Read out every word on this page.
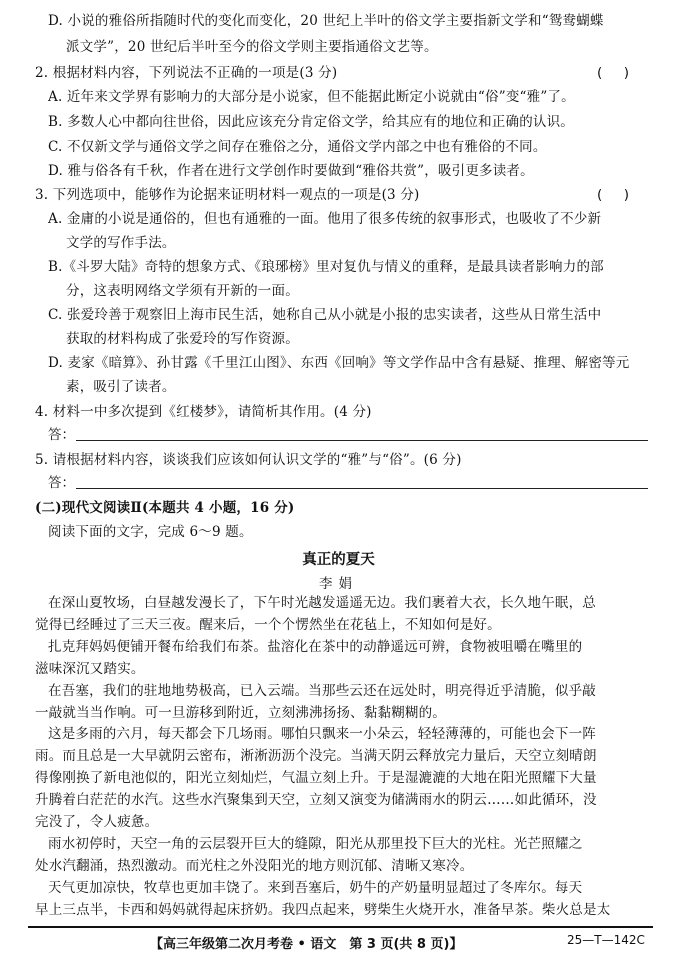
D. 小说的雅俗所指随时代的变化而变化，20 世纪上半叶的俗文学主要指新文学和“鸳鸯蝴蝶
派文学”，20 世纪后半叶至今的俗文学则主要指通俗文艺等。
2. 根据材料内容，下列说法不正确的一项是(3 分)	(     )
A. 近年来文学界有影响力的大部分是小说家，但不能据此断定小说就由“俗”变“雅”了。
B. 多数人心中都向往世俗，因此应该充分肯定俗文学，给其应有的地位和正确的认识。
C. 不仅新文学与通俗文学之间存在雅俗之分，通俗文学内部之中也有雅俗的不同。
D. 雅与俗各有千秋，作者在进行文学创作时要做到“雅俗共赏”，吸引更多读者。
3. 下列选项中，能够作为论据来证明材料一观点的一项是(3 分)	(     )
A. 金庸的小说是通俗的，但也有通雅的一面。他用了很多传统的叙事形式，也吸收了不少新
文学的写作手法。
B.《斗罗大陆》奇特的想象方式、《琅琊榜》里对复仇与情义的重释，是最具读者影响力的部
分，这表明网络文学须有开新的一面。
C. 张爱玲善于观察旧上海市民生活，她称自己从小就是小报的忠实读者，这些从日常生活中
获取的材料构成了张爱玲的写作资源。
D. 麦家《暗算》、孙甘露《千里江山图》、东西《回响》等文学作品中含有悬疑、推理、解密等元
素，吸引了读者。
4. 材料一中多次提到《红楼梦》，请简析其作用。(4 分)
答：
5. 请根据材料内容，谈谈我们应该如何认识文学的“雅”与“俗”。(6 分)
答：
(二)现代文阅读Ⅱ(本题共 4 小题，16 分)
阅读下面的文字，完成 6～9 题。
真正的夏天
李娟
在深山夏牧场，白昼越发漫长了，下午时光越发遥遥无边。我们裹着大衣，长久地午眠，总
觉得已经睡过了三天三夜。醒来后，一个个愣然坐在花毡上，不知如何是好。
扎克拜妈妈便铺开餐布给我们布茶。盐溶化在茶中的动静遥远可辨，食物被咀嚼在嘴里的
滋味深沉又踏实。
在吾塞，我们的驻地地势极高，已入云端。当那些云还在远处时，明亮得近乎清脆，似乎敲
一敲就当当作响。可一旦游移到附近，立刻沸沸扬扬、黏黏糊糊的。
这是多雨的六月，每天都会下几场雨。哪怕只飘来一小朵云，轻轻薄薄的，可能也会下一阵
雨。而且总是一大早就阴云密布，淅淅沥沥个没完。当满天阴云释放完力量后，天空立刻晴朗
得像刚换了新电池似的，阳光立刻灿烂，气温立刻上升。于是湿漉漉的大地在阳光照耀下大量
升腾着白茫茫的水汽。这些水汽聚集到天空，立刻又演变为储满雨水的阴云……如此循环，没
完没了，令人疲惫。
雨水初停时，天空一角的云层裂开巨大的缝隙，阳光从那里投下巨大的光柱。光芒照耀之
处水汽翻涌，热烈激动。而光柱之外没阳光的地方则沉郁、清晰又寒冷。
【高三年级第二次月考卷 • 语文　第 3 页(共 8 页)】	25—T—142C
天气更加凉快，牧草也更加丰饶了。来到吾塞后，奶牛的产奶量明显超过了冬库尔。每天
早上三点半，卡西和妈妈就得起床挤奶。我四点起来，劈柴生火烧开水，准备早茶。柴火总是太
